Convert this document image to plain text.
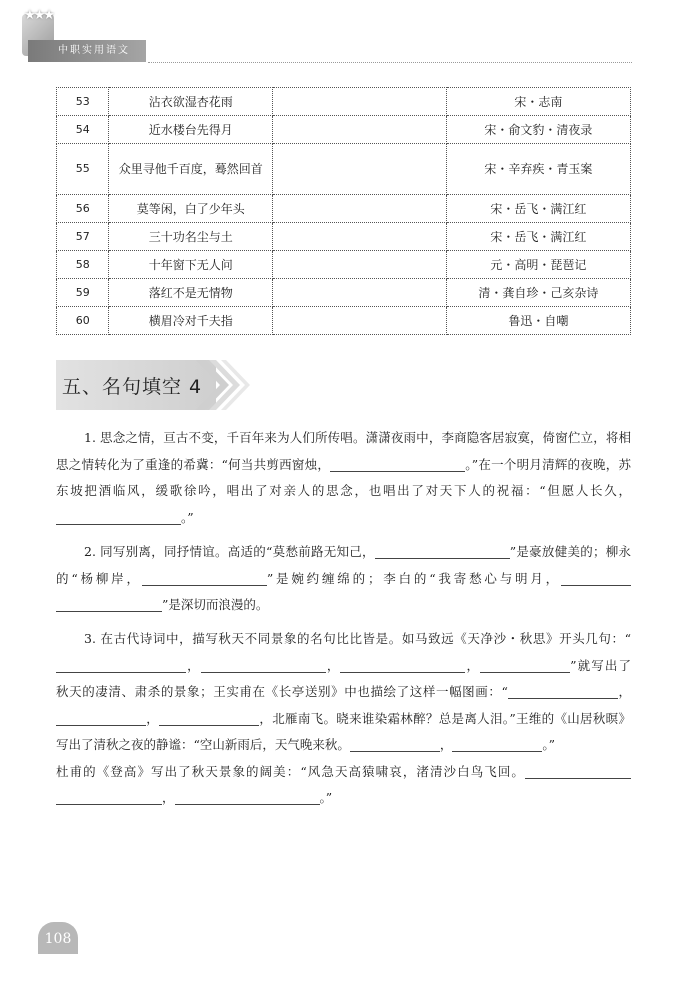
★★★
中职实用语文
53	沾衣欲湿杏花雨		宋・志南
54	近水楼台先得月		宋・俞文豹・清夜录
55	众里寻他千百度，蓦然回首		宋・辛弃疾・青玉案
56	莫等闲，白了少年头		宋・岳飞・满江红
57	三十功名尘与土		宋・岳飞・满江红
58	十年窗下无人问		元・高明・琵琶记
59	落红不是无情物		清・龚自珍・己亥杂诗
60	横眉冷对千夫指		鲁迅・自嘲
五、名句填空 4
1. 思念之情，亘古不变，千百年来为人们所传唱。潇潇夜雨中，李商隐客居寂寞，倚窗伫立，将相思之情转化为了重逢的希冀：“何当共剪西窗烛，	。”在一个明月清辉的夜晚，苏东坡把酒临风，缓歌徐吟，唱出了对亲人的思念，也唱出了对天下人的祝福：“但愿人长久，。”
2. 同写别离，同抒情谊。高适的“莫愁前路无知己，	”是豪放健美的；柳永的“杨柳岸，	”是婉约缠绵的；李白的“我寄愁心与明月， ”是深切而浪漫的。
3. 在古代诗词中，描写秋天不同景象的名句比比皆是。如马致远《天净沙・秋思》开头几句：“，	，	，	”就写出了秋天的凄清、肃杀的景象；王实甫在《长亭送别》中也描绘了这样一幅图画：“	，，	，北雁南飞。晓来谁染霜林醉？总是离人泪。”王维的《山居秋暝》写出了清秋之夜的静谧：“空山新雨后，天气晚来秋。	，	。”
杜甫的《登高》写出了秋天景象的阔美：“风急天高猿啸哀，渚清沙白鸟飞回。 ，	。”
108
